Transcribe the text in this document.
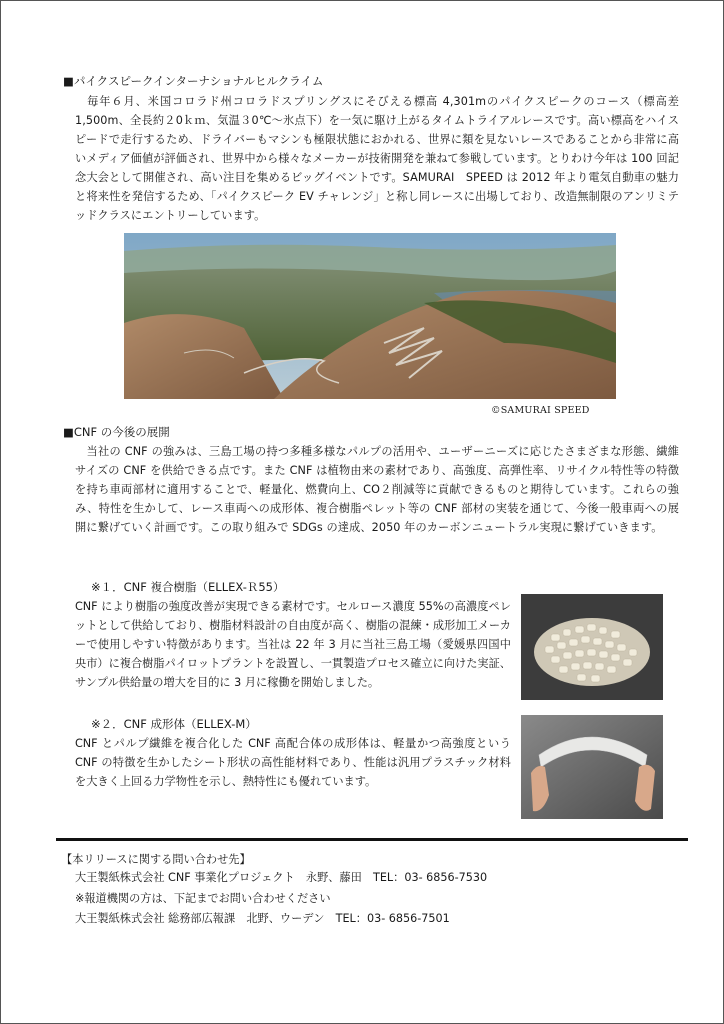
■パイクスピークインターナショナルヒルクライム

　毎年６月、米国コロラド州コロラドスプリングスにそびえる標高 4,301mのパイクスピークのコース（標高差 1,500m、全長約２0ｋｍ、気温３0℃～氷点下）を一気に駆け上がるタイムトライアルレースです。高い標高をハイスピードで走行するため、ドライバーもマシンも極限状態におかれる、世界に類を見ないレースであることから非常に高いメディア価値が評価され、世界中から様々なメーカーが技術開発を兼ねて参戦しています。とりわけ今年は 100 回記念大会として開催され、高い注目を集めるビッグイベントです。SAMURAI　SPEED は 2012 年より電気自動車の魅力と将来性を発信するため、「パイクスピーク EV チャレンジ」と称し同レースに出場しており、改造無制限のアンリミテッドクラスにエントリーしています。

©SAMURAI SPEED
■CNF の今後の展開

　当社の CNF の強みは、三島工場の持つ多種多様なパルプの活用や、ユーザーニーズに応じたさまざまな形態、繊維サイズの CNF を供給できる点です。また CNF は植物由来の素材であり、高強度、高弾性率、リサイクル特性等の特徴を持ち車両部材に適用することで、軽量化、燃費向上、CO２削減等に貢献できるものと期待しています。これらの強み、特性を生かして、レース車両への成形体、複合樹脂ペレット等の CNF 部材の実装を通じて、今後一般車両への展開に繋げていく計画です。この取り組みで SDGs の達成、2050 年のカーボンニュートラル実現に繋げていきます。

※１．CNF 複合樹脂（ELLEX-Ｒ55）

CNF により樹脂の強度改善が実現できる素材です。セルロース濃度 55%の高濃度ペレットとして供給しており、樹脂材料設計の自由度が高く、樹脂の混練・成形加工メーカーで使用しやすい特徴があります。当社は 22 年 3 月に当社三島工場（愛媛県四国中央市）に複合樹脂パイロットプラントを設置し、一貫製造プロセス確立に向けた実証、サンプル供給量の増大を目的に 3 月に稼働を開始しました。

※２．CNF 成形体（ELLEX-M）

CNF とパルプ繊維を複合化した CNF 高配合体の成形体は、軽量かつ高強度という CNF の特徴を生かしたシート形状の高性能材料であり、性能は汎用プラスチック材料を大きく上回る力学物性を示し、熱特性にも優れています。

【本リリースに関する問い合わせ先】
大王製紙株式会社 CNF 事業化プロジェクト　永野、藤田　TEL：03- 6856-7530
※報道機関の方は、下記までお問い合わせください
大王製紙株式会社 総務部広報課　北野、ウーデン　TEL：03- 6856-7501
